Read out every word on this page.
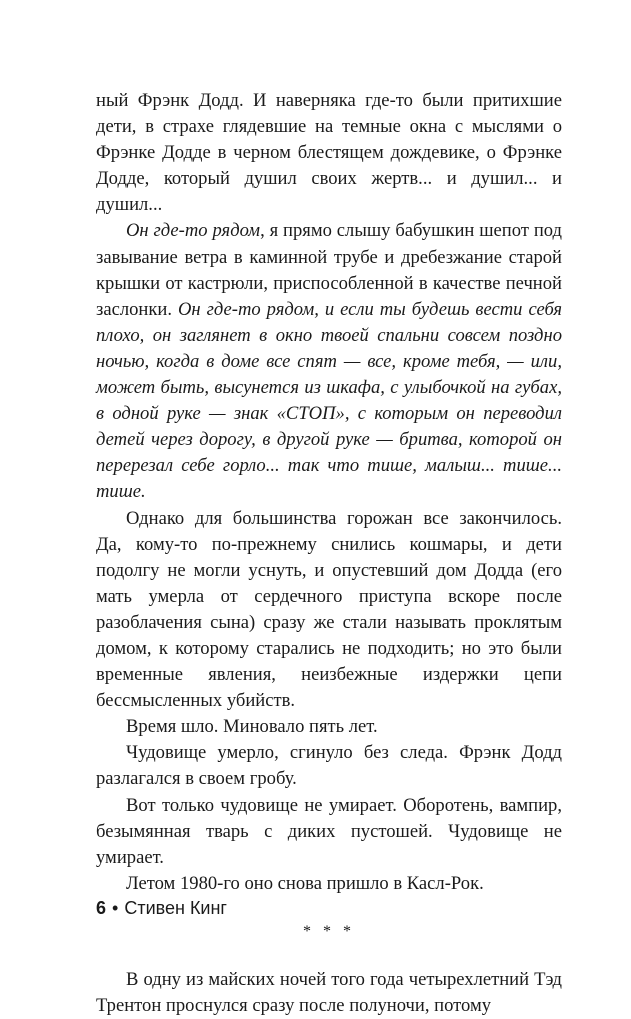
ный Фрэнк Додд. И наверняка где-то были притихшие дети, в страхе глядевшие на темные окна с мыслями о Фрэнке Додде в черном блестящем дождевике, о Фрэнке Додде, который душил своих жертв... и душил... и душил...

Он где-то рядом, я прямо слышу бабушкин шепот под завывание ветра в каминной трубе и дребезжание старой крышки от кастрюли, приспособленной в качестве печной заслонки. Он где-то рядом, и если ты будешь вести себя плохо, он заглянет в окно твоей спальни совсем поздно ночью, когда в доме все спят — все, кроме тебя, — или, может быть, высунется из шкафа, с улыбочкой на губах, в одной руке — знак «СТОП», с которым он переводил детей через дорогу, в другой руке — бритва, которой он перерезал себе горло... так что тише, малыш... тише... тише.

Однако для большинства горожан все закончилось. Да, кому-то по-прежнему снились кошмары, и дети подолгу не могли уснуть, и опустевший дом Додда (его мать умерла от сердечного приступа вскоре после разоблачения сына) сразу же стали называть проклятым домом, к которому старались не подходить; но это были временные явления, неизбежные издержки цепи бессмысленных убийств.

Время шло. Миновало пять лет.

Чудовище умерло, сгинуло без следа. Фрэнк Додд разлагался в своем гробу.

Вот только чудовище не умирает. Оборотень, вампир, безымянная тварь с диких пустошей. Чудовище не умирает.

Летом 1980-го оно снова пришло в Касл-Рок.

* * *

В одну из майских ночей того года четырехлетний Тэд Трентон проснулся сразу после полуночи, потому

6 • Стивен Кинг
